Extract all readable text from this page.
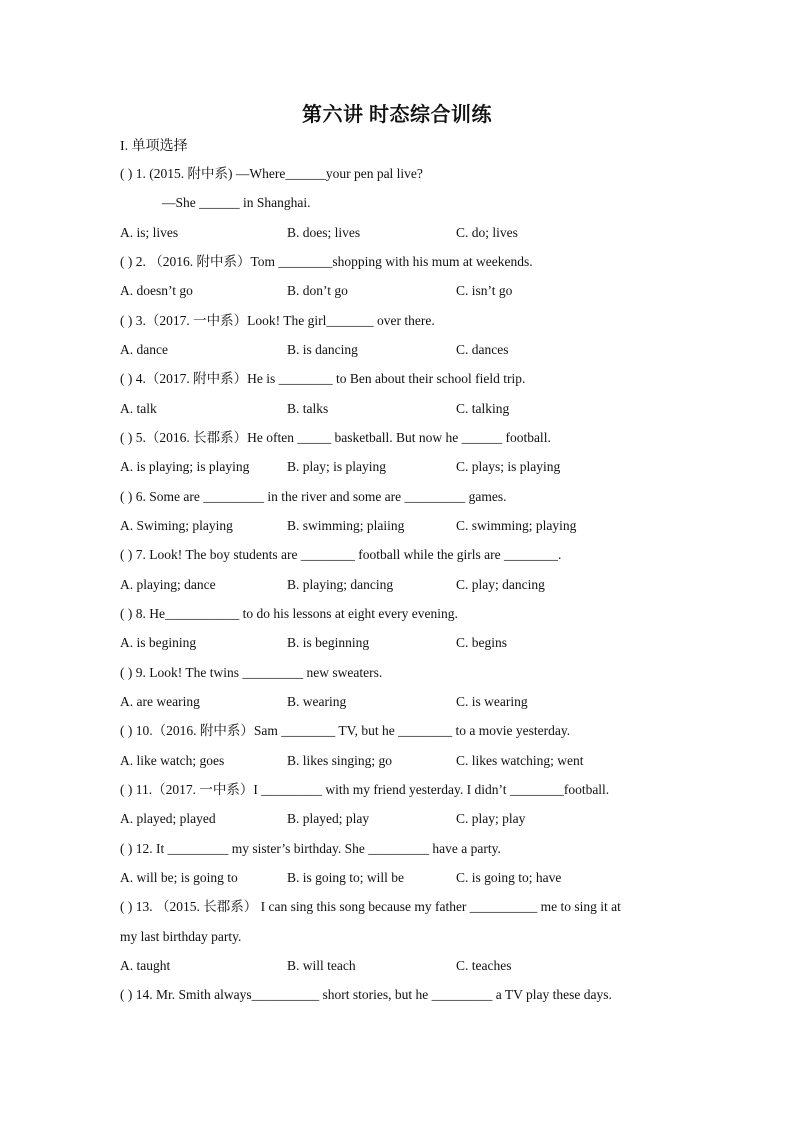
第六讲 时态综合训练
I. 单项选择
( ) 1. (2015. 附中系) —Where______your pen pal live?
—She ______ in Shanghai.
A. is; lives	B. does; lives	C. do; lives
( ) 2. （2016. 附中系）Tom ________shopping with his mum at weekends.
A. doesn’t go	B. don’t go	C. isn’t go
( ) 3.（2017. 一中系）Look! The girl_______ over there.
A. dance	B. is dancing	C. dances
( ) 4.（2017. 附中系）He is ________ to Ben about their school field trip.
A. talk	B. talks	C. talking
( ) 5.（2016. 长郡系）He often _____ basketball. But now he ______ football.
A. is playing; is playing	B. play; is playing	C. plays; is playing
( ) 6. Some are _________ in the river and some are _________ games.
A. Swiming; playing	B. swimming; plaiing	C. swimming; playing
( ) 7. Look! The boy students are ________ football while the girls are ________.
A. playing; dance	B. playing; dancing	C. play; dancing
( ) 8. He___________ to do his lessons at eight every evening.
A. is begining	B. is beginning	C. begins
( ) 9. Look! The twins _________ new sweaters.
A. are wearing	B. wearing	C. is wearing
( ) 10.（2016. 附中系）Sam ________ TV, but he ________ to a movie yesterday.
A. like watch; goes	B. likes singing; go	C. likes watching; went
( ) 11.（2017. 一中系）I _________ with my friend yesterday. I didn’t ________football.
A. played; played	B. played; play	C. play; play
( ) 12. It _________ my sister’s birthday. She _________ have a party.
A. will be; is going to	B. is going to; will be	C. is going to; have
( ) 13. （2015. 长郡系） I can sing this song because my father __________ me to sing it at
my last birthday party.
A. taught	B. will teach	C. teaches
( ) 14. Mr. Smith always__________ short stories, but he _________ a TV play these days.
